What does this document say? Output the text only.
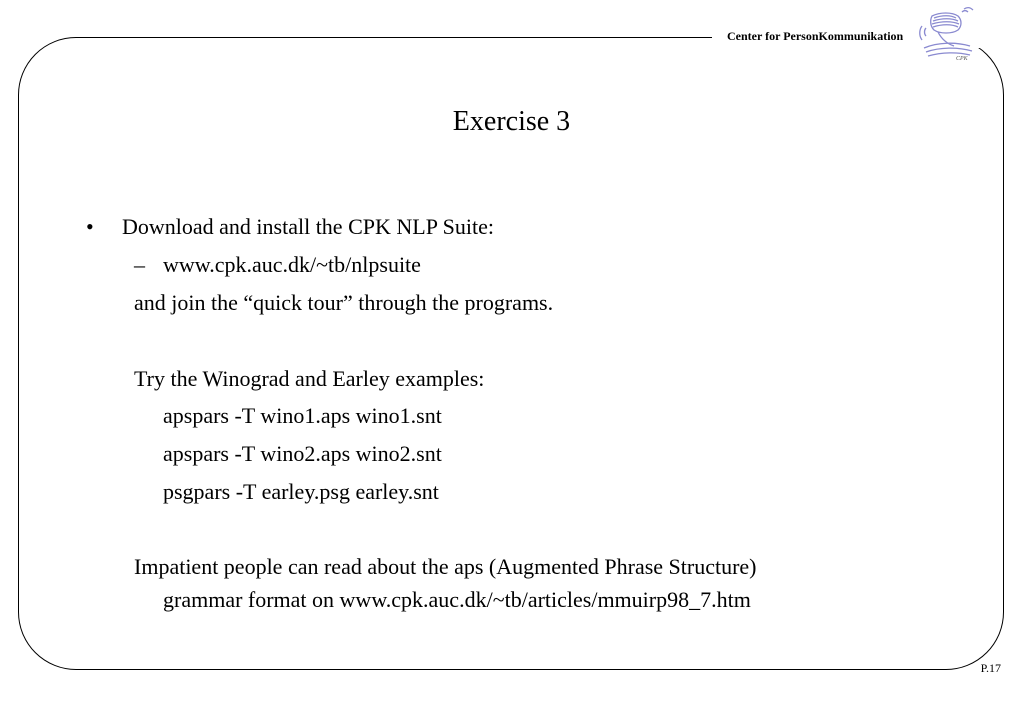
Center for PersonKommunikation
CPK
Exercise 3
• Download and install the CPK NLP Suite:
– www.cpk.auc.dk/~tb/nlpsuite
and join the “quick tour” through the programs.
Try the Winograd and Earley examples:
apspars -T wino1.aps wino1.snt
apspars -T wino2.aps wino2.snt
psgpars -T earley.psg earley.snt
Impatient people can read about the aps (Augmented Phrase Structure)
grammar format on www.cpk.auc.dk/~tb/articles/mmuirp98_7.htm
P.17
